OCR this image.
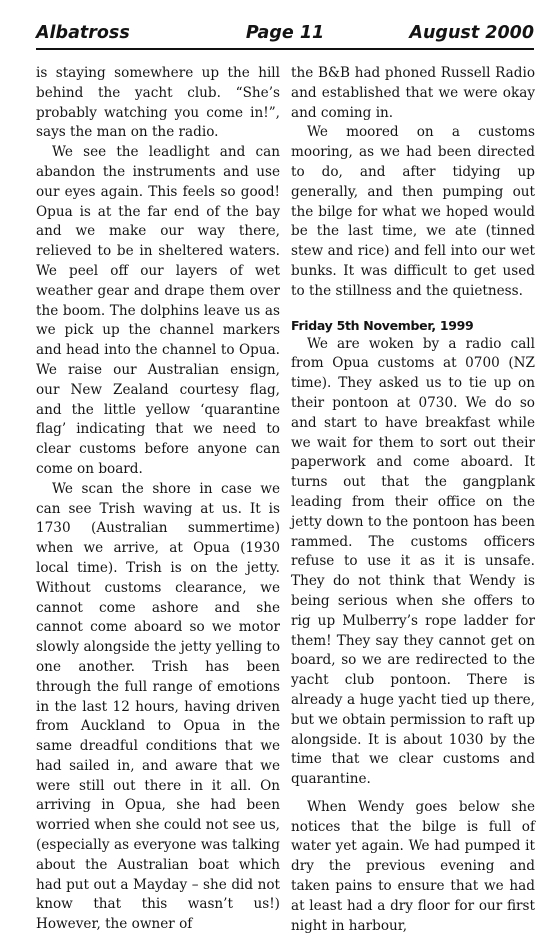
Albatross	Page 11	August 2000

is staying somewhere up the hill behind the yacht club. “She’s probably watching you come in!”, says the man on the radio.

We see the leadlight and can abandon the instruments and use our eyes again. This feels so good! Opua is at the far end of the bay and we make our way there, relieved to be in sheltered waters. We peel off our layers of wet weather gear and drape them over the boom. The dolphins leave us as we pick up the channel markers and head into the channel to Opua. We raise our Australian ensign, our New Zealand courtesy flag, and the little yellow ‘quarantine flag’ indicating that we need to clear customs before anyone can come on board.

We scan the shore in case we can see Trish waving at us. It is 1730 (Australian summertime) when we arrive, at Opua (1930 local time). Trish is on the jetty. Without customs clearance, we cannot come ashore and she cannot come aboard so we motor slowly alongside the jetty yelling to one another. Trish has been through the full range of emotions in the last 12 hours, having driven from Auckland to Opua in the same dreadful conditions that we had sailed in, and aware that we were still out there in it all. On arriving in Opua, she had been worried when she could not see us, (especially as everyone was talking about the Australian boat which had put out a Mayday – she did not know that this wasn’t us!) However, the owner of

the B&B had phoned Russell Radio and established that we were okay and coming in.

We moored on a customs mooring, as we had been directed to do, and after tidying up generally, and then pumping out the bilge for what we hoped would be the last time, we ate (tinned stew and rice) and fell into our wet bunks. It was difficult to get used to the stillness and the quietness.

Friday 5th November, 1999

We are woken by a radio call from Opua customs at 0700 (NZ time). They asked us to tie up on their pontoon at 0730. We do so and start to have breakfast while we wait for them to sort out their paperwork and come aboard. It turns out that the gangplank leading from their office on the jetty down to the pontoon has been rammed. The customs officers refuse to use it as it is unsafe. They do not think that Wendy is being serious when she offers to rig up Mulberry’s rope ladder for them! They say they cannot get on board, so we are redirected to the yacht club pontoon. There is already a huge yacht tied up there, but we obtain permission to raft up alongside. It is about 1030 by the time that we clear customs and quarantine.

When Wendy goes below she notices that the bilge is full of water yet again. We had pumped it dry the previous evening and taken pains to ensure that we had at least had a dry floor for our first night in harbour,
